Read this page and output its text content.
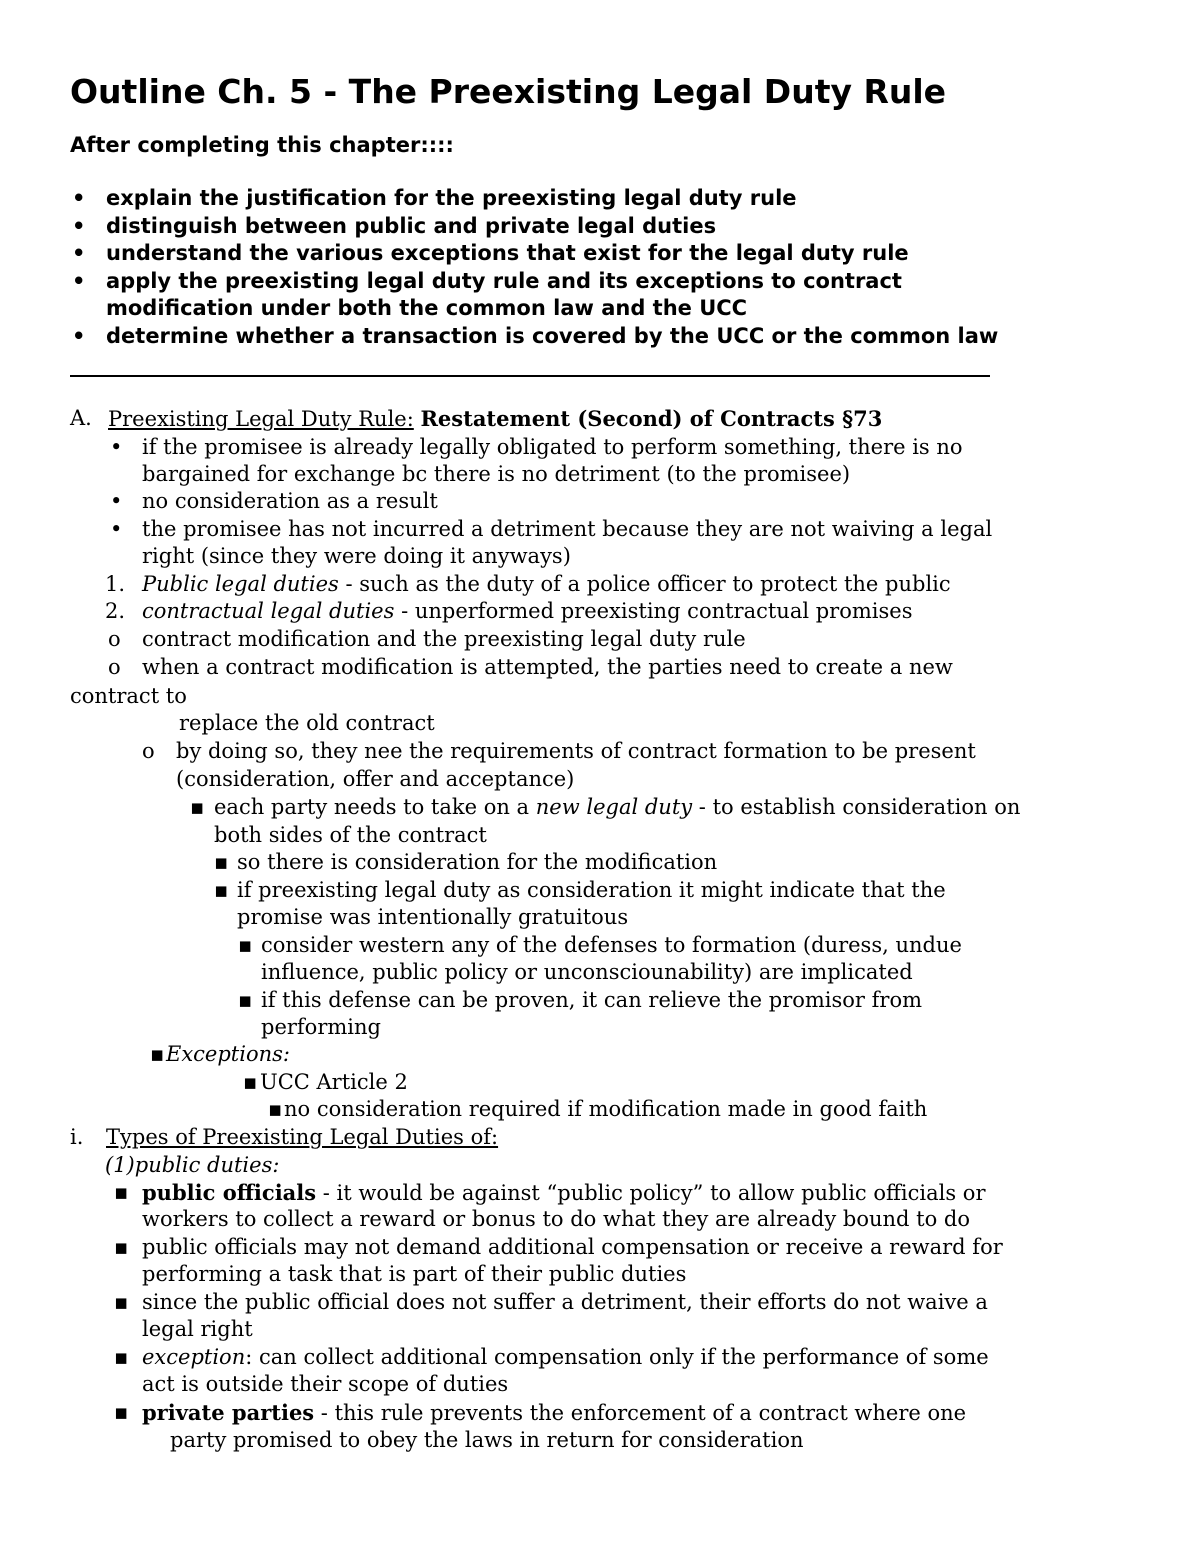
Outline Ch. 5 - The Preexisting Legal Duty Rule
After completing this chapter::::
• explain the justification for the preexisting legal duty rule
• distinguish between public and private legal duties
• understand the various exceptions that exist for the legal duty rule
• apply the preexisting legal duty rule and its exceptions to contract
modification under both the common law and the UCC
• determine whether a transaction is covered by the UCC or the common law
A. Preexisting Legal Duty Rule: Restatement (Second) of Contracts §73
• if the promisee is already legally obligated to perform something, there is no
bargained for exchange bc there is no detriment (to the promisee)
• no consideration as a result
• the promisee has not incurred a detriment because they are not waiving a legal
right (since they were doing it anyways)
1. Public legal duties - such as the duty of a police officer to protect the public
2. contractual legal duties - unperformed preexisting contractual promises
o contract modification and the preexisting legal duty rule
o when a contract modification is attempted, the parties need to create a new
contract to
replace the old contract
o by doing so, they nee the requirements of contract formation to be present
(consideration, offer and acceptance)
▪ each party needs to take on a new legal duty - to establish consideration on
both sides of the contract
▪ so there is consideration for the modification
▪ if preexisting legal duty as consideration it might indicate that the
promise was intentionally gratuitous
▪ consider western any of the defenses to formation (duress, undue
influence, public policy or unconsciounability) are implicated
▪ if this defense can be proven, it can relieve the promisor from
performing
▪ Exceptions:
▪ UCC Article 2
▪ no consideration required if modification made in good faith
i. Types of Preexisting Legal Duties of:
(1)public duties:
▪ public officials - it would be against “public policy” to allow public officials or
workers to collect a reward or bonus to do what they are already bound to do
▪ public officials may not demand additional compensation or receive a reward for
performing a task that is part of their public duties
▪ since the public official does not suffer a detriment, their efforts do not waive a
legal right
▪ exception: can collect additional compensation only if the performance of some
act is outside their scope of duties
▪ private parties - this rule prevents the enforcement of a contract where one
party promised to obey the laws in return for consideration
